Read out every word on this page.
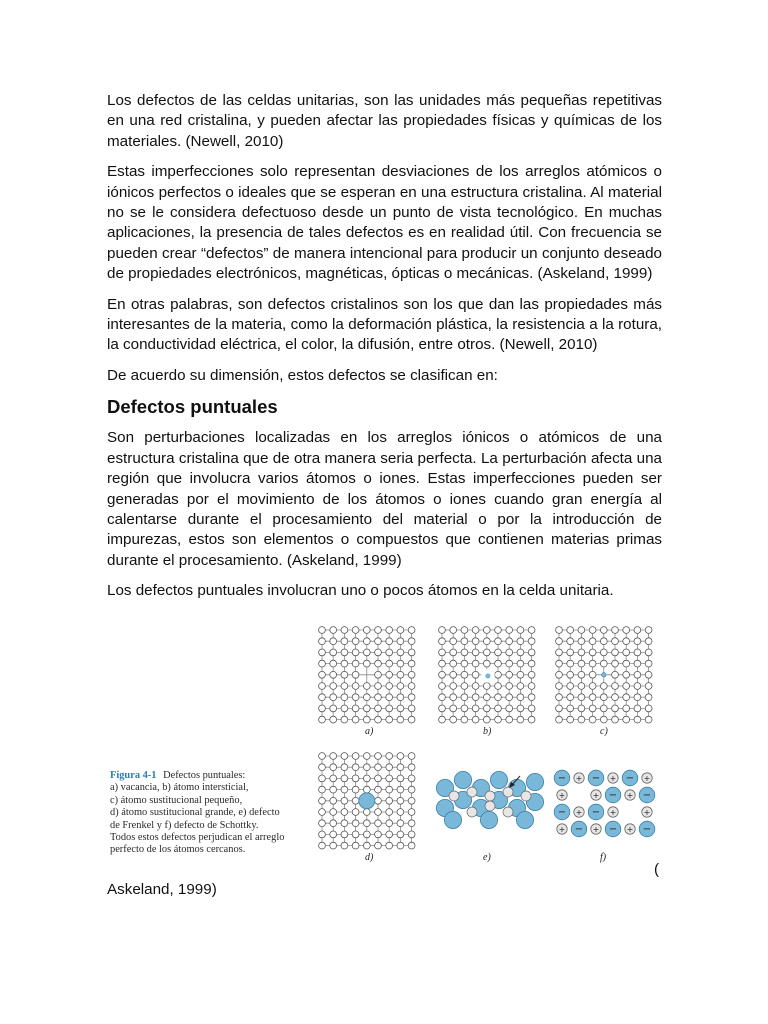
Los defectos de las celdas unitarias, son las unidades más pequeñas repetitivas en una red cristalina, y pueden afectar las propiedades físicas y químicas de los materiales. (Newell, 2010)

Estas imperfecciones solo representan desviaciones de los arreglos atómicos o iónicos perfectos o ideales que se esperan en una estructura cristalina. Al material no se le considera defectuoso desde un punto de vista tecnológico. En muchas aplicaciones, la presencia de tales defectos es en realidad útil. Con frecuencia se pueden crear “defectos” de manera intencional para producir un conjunto deseado de propiedades electrónicos, magnéticas, ópticas o mecánicas. (Askeland, 1999)

En otras palabras, son defectos cristalinos son los que dan las propiedades más interesantes de la materia, como la deformación plástica, la resistencia a la rotura, la conductividad eléctrica, el color, la difusión, entre otros. (Newell, 2010)

De acuerdo su dimensión, estos defectos se clasifican en:

Defectos puntuales

Son perturbaciones localizadas en los arreglos iónicos o atómicos de una estructura cristalina que de otra manera seria perfecta. La perturbación afecta una región que involucra varios átomos o iones. Estas imperfecciones pueden ser generadas por el movimiento de los átomos o iones cuando gran energía al calentarse durante el procesamiento del material o por la introducción de impurezas, estos son elementos o compuestos que contienen materias primas durante el procesamiento. (Askeland, 1999)

Los defectos puntuales involucran uno o pocos átomos en la celda unitaria.

− + − + − +
+	+ − + −
− + − +	+
+ − + − + −
a)	b)	c)
d)	e)	f)
Figura 4-1 Defectos puntuales:
a) vacancia, b) átomo intersticial,
c) átomo sustitucional pequeño,
d) átomo sustitucional grande, e) defecto
de Frenkel y f) defecto de Schottky.
Todos estos defectos perjudican el arreglo
perfecto de los átomos cercanos.
(
Askeland, 1999)
